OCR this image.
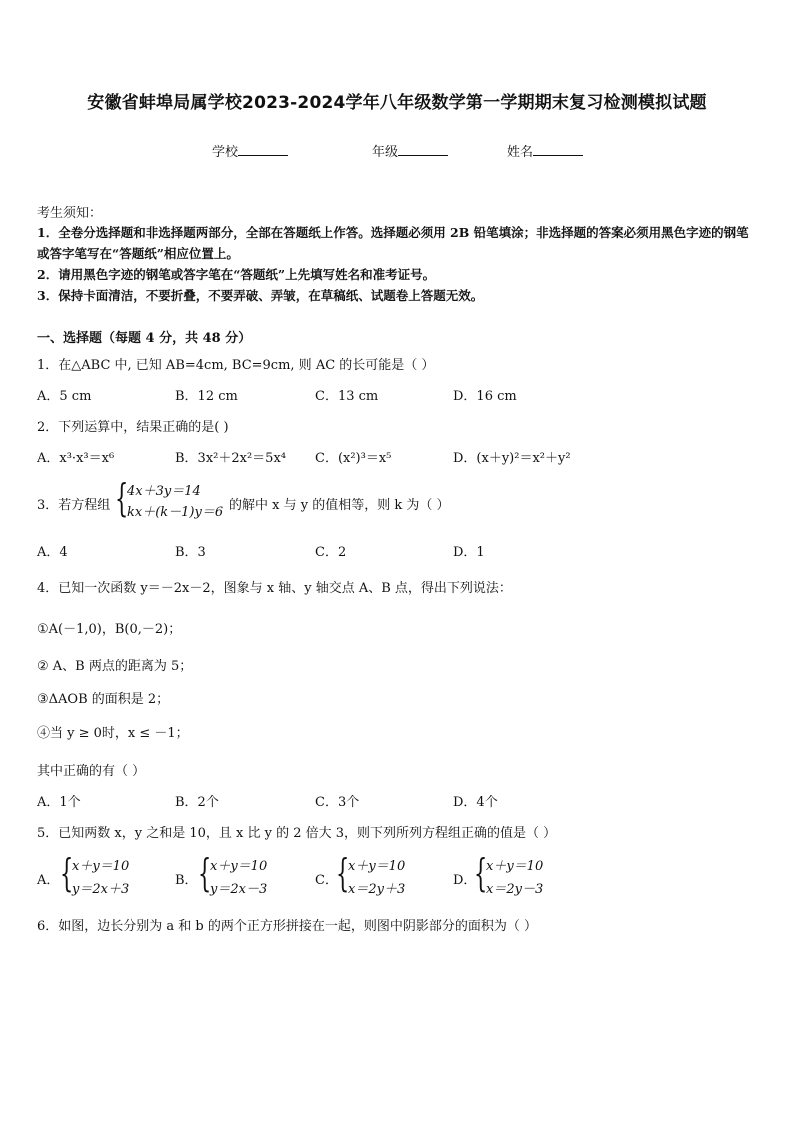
安徽省蚌埠局属学校2023-2024学年八年级数学第一学期期末复习检测模拟试题
学校	年级	姓名
考生须知：
1．全卷分选择题和非选择题两部分，全部在答题纸上作答。选择题必须用 2B 铅笔填涂；非选择题的答案必须用黑色字迹的钢笔或答字笔写在“答题纸”相应位置上。
2．请用黑色字迹的钢笔或答字笔在“答题纸”上先填写姓名和准考证号。
3．保持卡面清洁，不要折叠，不要弄破、弄皱，在草稿纸、试题卷上答题无效。
一、选择题（每题 4 分，共 48 分）
1．在△ABC 中, 已知 AB=4cm, BC=9cm, 则 AC 的长可能是（ ）
A．5 cm	B．12 cm	C．13 cm	D．16 cm
2．下列运算中，结果正确的是( )
A．x³·x³＝x⁶	B．3x²＋2x²＝5x⁴ C．(x²)³＝x⁵	D．(x＋y)²＝x²＋y²
3．若方程组 {
4x＋3y＝14
kx＋(k－1)y＝6 的解中 x 与 y 的值相等，则 k 为（ ）
A．4	B．3	C．2	D．1
4．已知一次函数 y＝－2x－2，图象与 x 轴、y 轴交点 A、B 点，得出下列说法：
①A(－1,0)，B(0,－2)；
② A、B 两点的距离为 5；
③ΔAOB 的面积是 2；
④当 y ≥ 0时，x ≤ －1；
其中正确的有（ ）
A．1个	B．2个	C．3个	D．4个
5．已知两数 x，y 之和是 10，且 x 比 y 的 2 倍大 3，则下列所列方程组正确的值是（ ）
A． {
x＋y＝10
y＝2x＋3
B． {
x＋y＝10
y＝2x－3
C．
{
x＋y＝10
x＝2y＋3
D．
{
x＋y＝10
x＝2y－3
6．如图，边长分别为 a 和 b 的两个正方形拼接在一起，则图中阴影部分的面积为（ ）
